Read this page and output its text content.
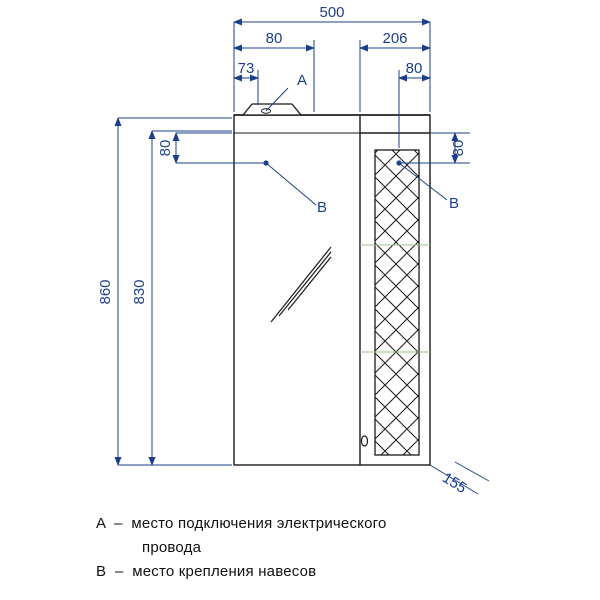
500
80
73
206
80
860 830
80	80
155
A
B	B
A  –  место подключения электрического
провода
B  –  место крепления навесов
